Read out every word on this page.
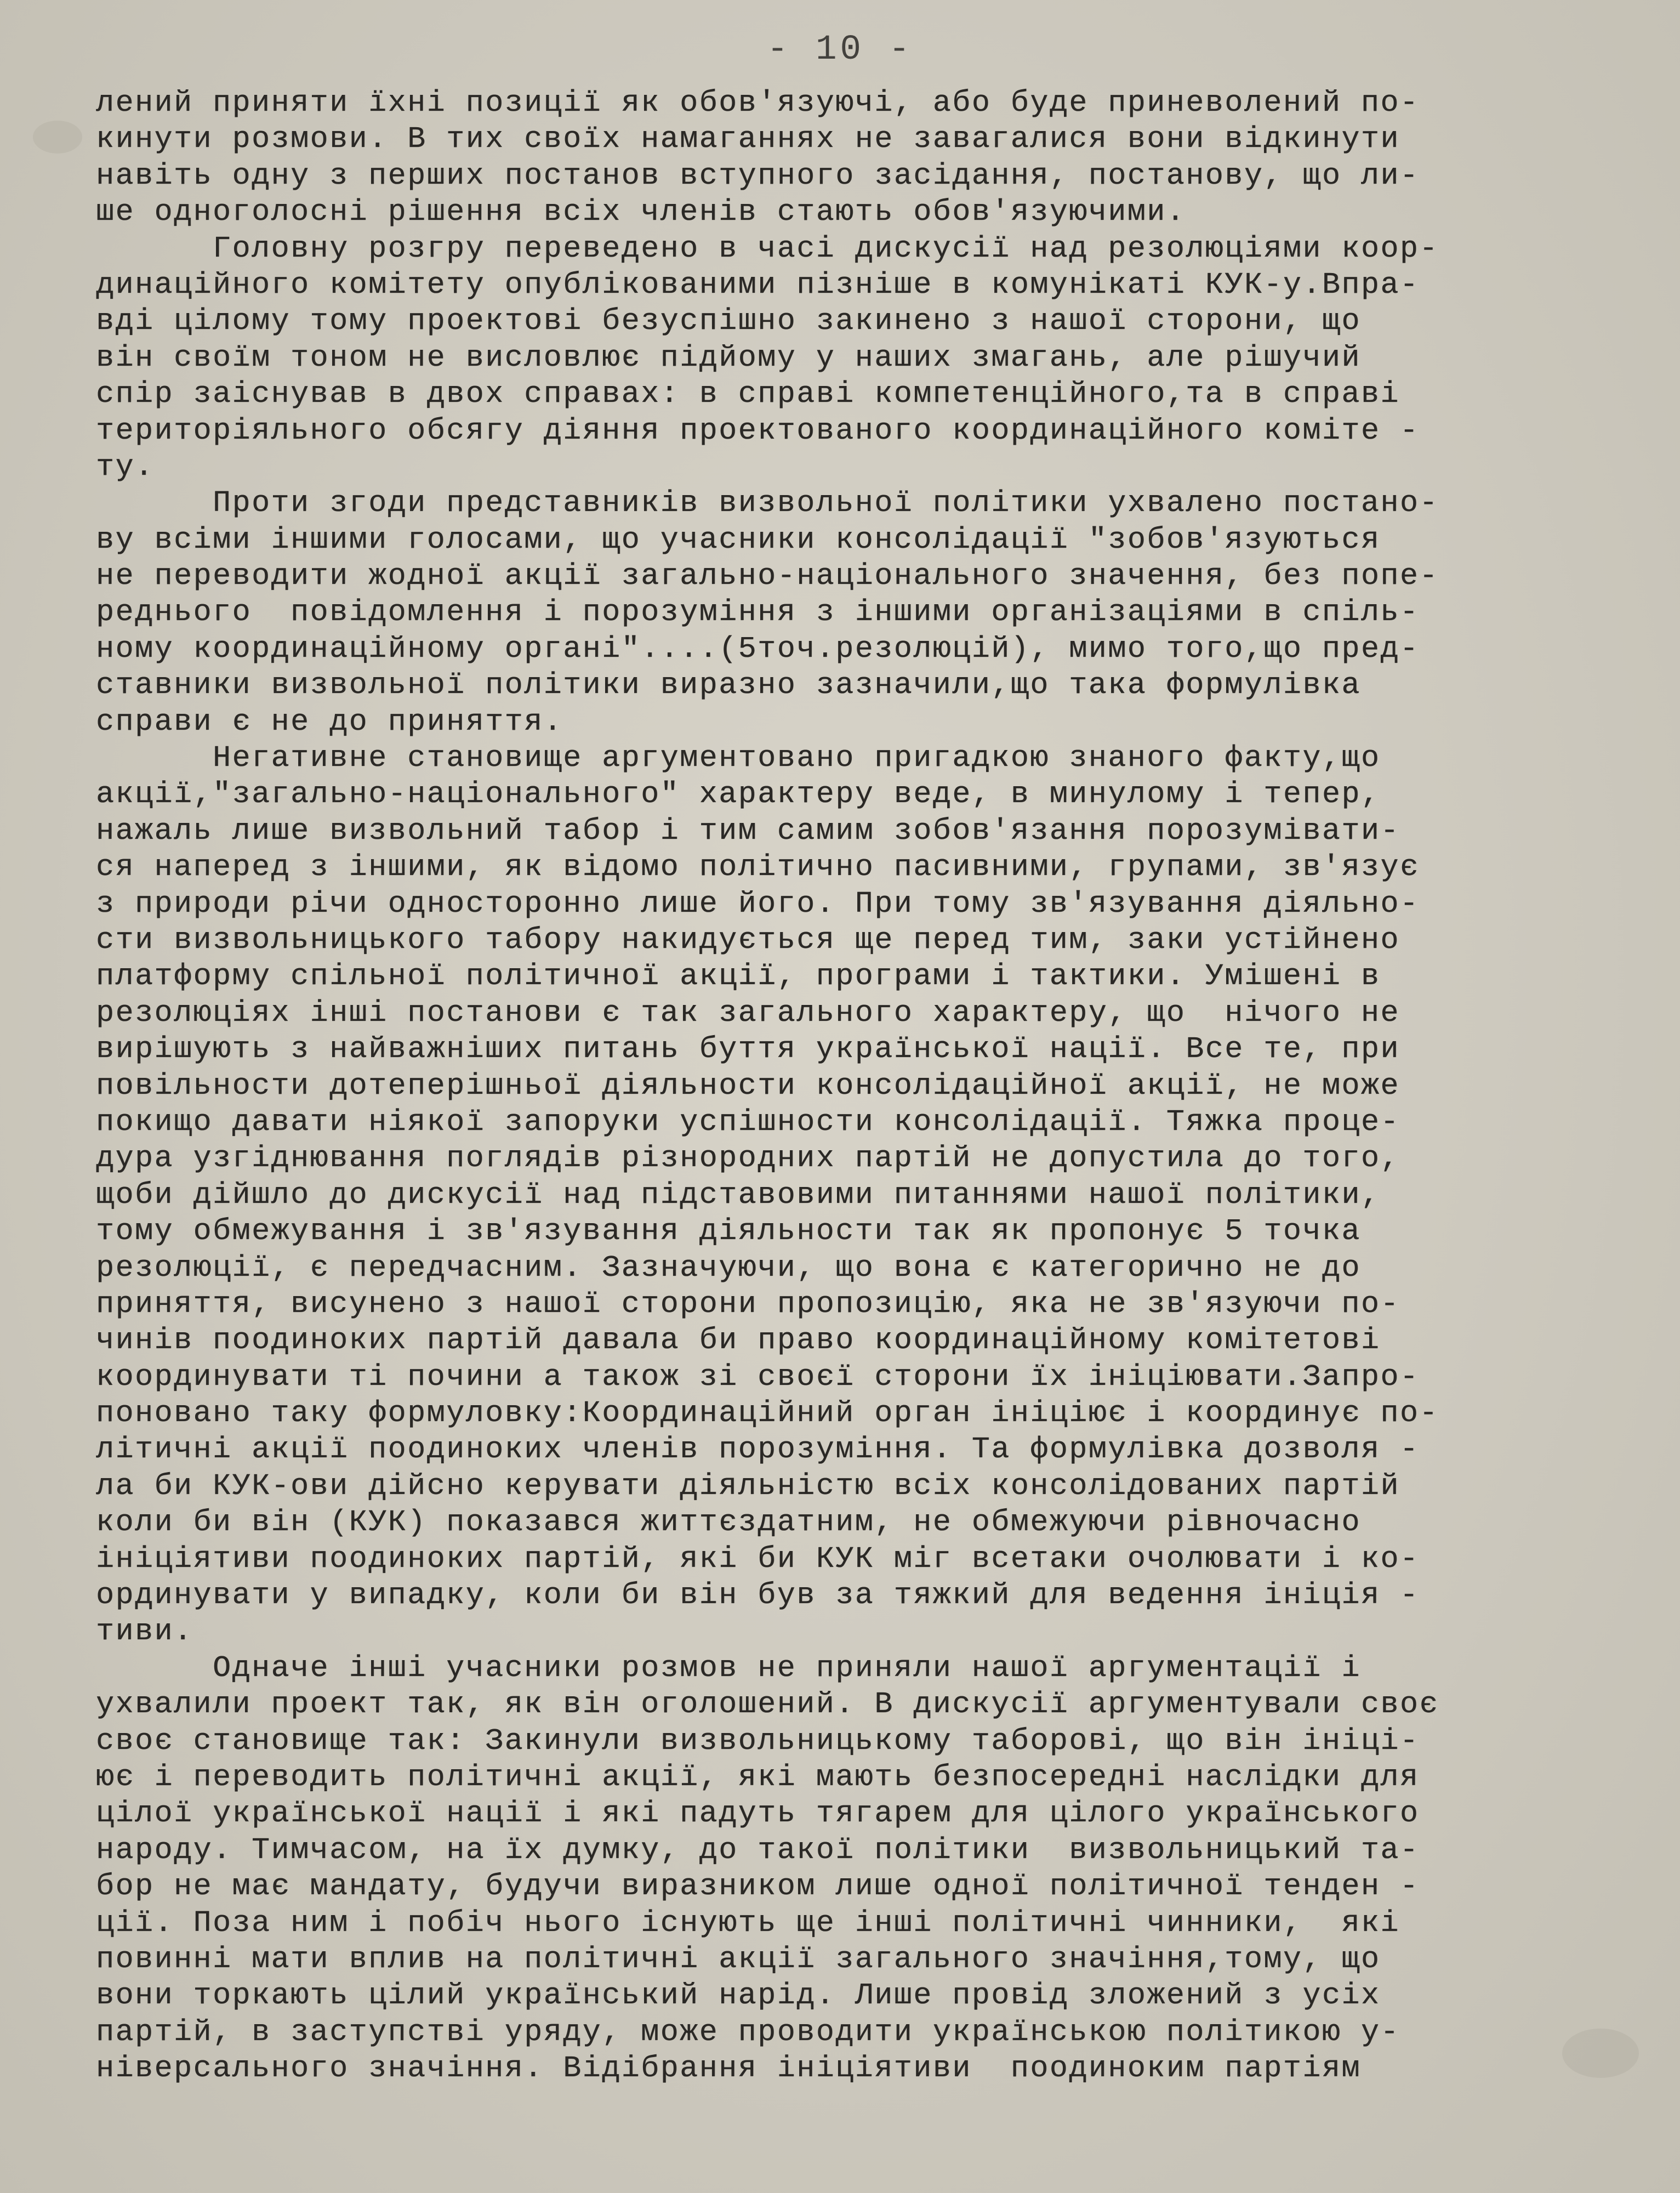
- 10 -
лений приняти їхні позиції як обов'язуючі, або буде приневолений по-
кинути розмови. В тих своїх намаганнях не завагалися вони відкинути
навіть одну з перших постанов вступного засідання, постанову, що ли-
ше одноголосні рішення всіх членів стають обов'язуючими.
Головну розгру переведено в часі дискусії над резолюціями коор-
динаційного комітету опублікованими пізніше в комунікаті КУК-у.Впра-
вді цілому тому проектові безуспішно закинено з нашої сторони, що
він своїм тоном не висловлює підйому у наших змагань, але рішучий
спір заіснував в двох справах: в справі компетенційного,та в справі
територіяльного обсягу діяння проектованого координаційного коміте -
ту.
Проти згоди представників визвольної політики ухвалено постано-
ву всіми іншими голосами, що учасники консолідації "зобов'язуються
не переводити жодної акції загально-національного значення, без попе-
реднього  повідомлення і порозуміння з іншими організаціями в спіль-
ному координаційному органі"....(5точ.резолюцій), мимо того,що пред-
ставники визвольної політики виразно зазначили,що така формулівка
справи є не до приняття.
Негативне становище аргументовано пригадкою знаного факту,що
акції,"загально-національного" характеру веде, в минулому і тепер,
нажаль лише визвольний табор і тим самим зобов'язання порозумівати-
ся наперед з іншими, як відомо політично пасивними, групами, зв'язує
з природи річи односторонно лише його. При тому зв'язування діяльно-
сти визвольницького табору накидується ще перед тим, заки устійнено
платформу спільної політичної акції, програми і тактики. Умішені в
резолюціях інші постанови є так загального характеру, що  нічого не
вирішують з найважніших питань буття української нації. Все те, при
повільности дотеперішньої діяльности консолідаційної акції, не може
покищо давати ніякої запоруки успішности консолідації. Тяжка проце-
дура узгіднювання поглядів різнородних партій не допустила до того,
щоби дійшло до дискусії над підставовими питаннями нашої політики,
тому обмежування і зв'язування діяльности так як пропонує 5 точка
резолюції, є передчасним. Зазначуючи, що вона є категорично не до
приняття, висунено з нашої сторони пропозицію, яка не зв'язуючи по-
чинів поодиноких партій давала би право координаційному комітетові
координувати ті почини а також зі своєї сторони їх ініціювати.Запро-
поновано таку формуловку:Координаційний орган ініціює і координує по-
літичні акції поодиноких членів порозуміння. Та формулівка дозволя -
ла би КУК-ови дійсно керувати діяльністю всіх консолідованих партій
коли би він (КУК) показався життєздатним, не обмежуючи рівночасно
ініціятиви поодиноких партій, які би КУК міг всетаки очолювати і ко-
ординувати у випадку, коли би він був за тяжкий для ведення ініція -
тиви.
Одначе інші учасники розмов не приняли нашої аргументації і
ухвалили проект так, як він оголошений. В дискусії аргументували своє
своє становище так: Закинули визвольницькому таборові, що він ініці-
ює і переводить політичні акції, які мають безпосередні наслідки для
цілої української нації і які падуть тягарем для цілого українського
народу. Тимчасом, на їх думку, до такої політики  визвольницький та-
бор не має мандату, будучи виразником лише одної політичної тенден -
ції. Поза ним і побіч нього існують ще інші політичні чинники,  які
повинні мати вплив на політичні акції загального значіння,тому, що
вони торкають цілий український нарід. Лише провід зложений з усіх
партій, в заступстві уряду, може проводити українською політикою у-
ніверсального значіння. Відібрання ініціятиви  поодиноким партіям
